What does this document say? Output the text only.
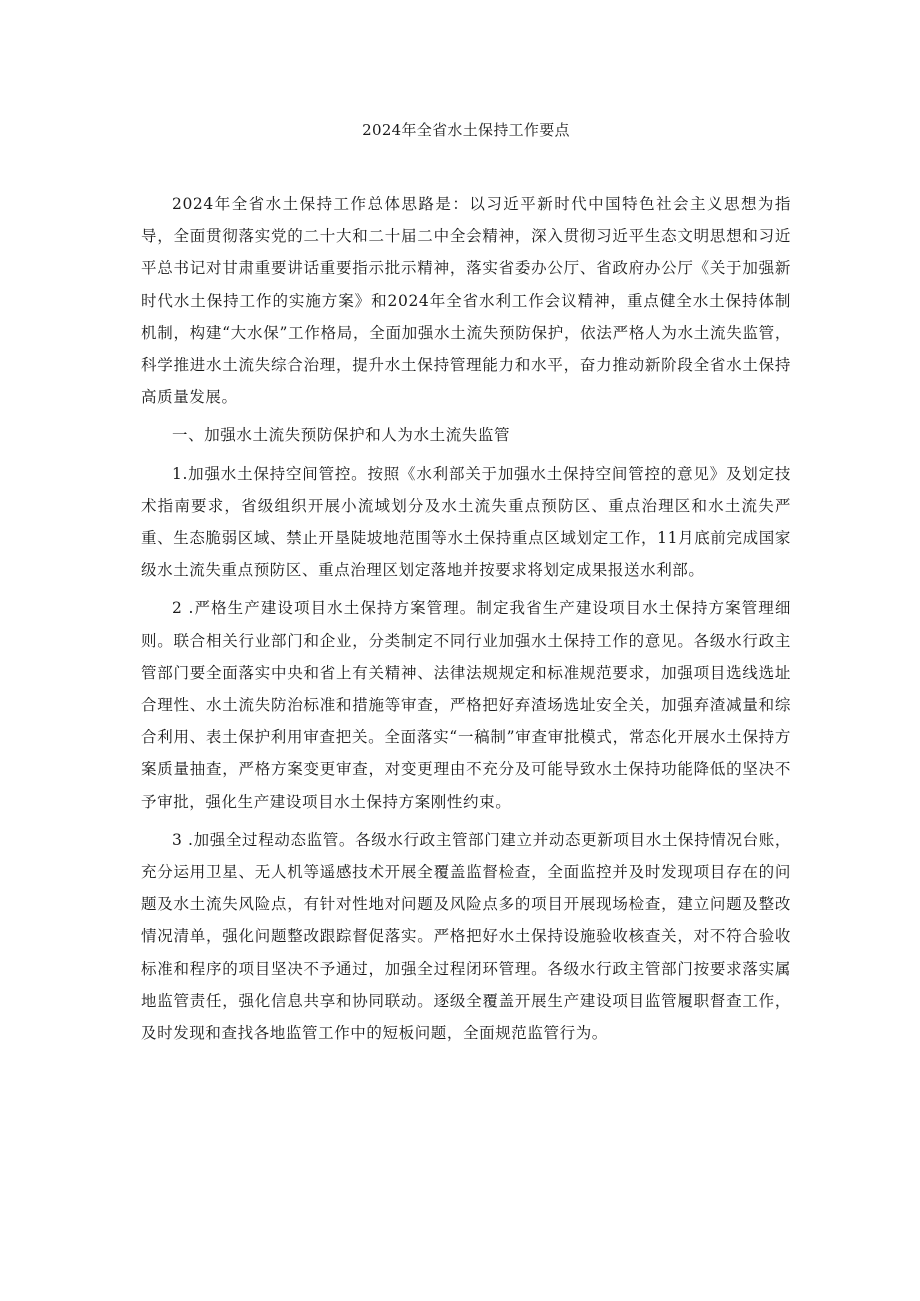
2024年全省水土保持工作要点

2024年全省水土保持工作总体思路是：以习近平新时代中国特色社会主义思想为指导，全面贯彻落实党的二十大和二十届二中全会精神，深入贯彻习近平生态文明思想和习近平总书记对甘肃重要讲话重要指示批示精神，落实省委办公厅、省政府办公厅《关于加强新时代水土保持工作的实施方案》和2024年全省水利工作会议精神，重点健全水土保持体制机制，构建“大水保”工作格局，全面加强水土流失预防保护，依法严格人为水土流失监管，科学推进水土流失综合治理，提升水土保持管理能力和水平，奋力推动新阶段全省水土保持高质量发展。

一、加强水土流失预防保护和人为水土流失监管

1.加强水土保持空间管控。按照《水利部关于加强水土保持空间管控的意见》及划定技术指南要求，省级组织开展小流域划分及水土流失重点预防区、重点治理区和水土流失严重、生态脆弱区域、禁止开垦陡坡地范围等水土保持重点区域划定工作，11月底前完成国家级水土流失重点预防区、重点治理区划定落地并按要求将划定成果报送水利部。

2 .严格生产建设项目水土保持方案管理。制定我省生产建设项目水土保持方案管理细则。联合相关行业部门和企业，分类制定不同行业加强水土保持工作的意见。各级水行政主管部门要全面落实中央和省上有关精神、法律法规规定和标准规范要求，加强项目选线选址合理性、水土流失防治标准和措施等审查，严格把好弃渣场选址安全关，加强弃渣减量和综合利用、表土保护利用审查把关。全面落实“一稿制”审查审批模式，常态化开展水土保持方案质量抽查，严格方案变更审查，对变更理由不充分及可能导致水土保持功能降低的坚决不予审批，强化生产建设项目水土保持方案刚性约束。

3 .加强全过程动态监管。各级水行政主管部门建立并动态更新项目水土保持情况台账，充分运用卫星、无人机等遥感技术开展全覆盖监督检查，全面监控并及时发现项目存在的问题及水土流失风险点，有针对性地对问题及风险点多的项目开展现场检查，建立问题及整改情况清单，强化问题整改跟踪督促落实。严格把好水土保持设施验收核查关，对不符合验收标准和程序的项目坚决不予通过，加强全过程闭环管理。各级水行政主管部门按要求落实属地监管责任，强化信息共享和协同联动。逐级全覆盖开展生产建设项目监管履职督查工作，及时发现和查找各地监管工作中的短板问题，全面规范监管行为。
